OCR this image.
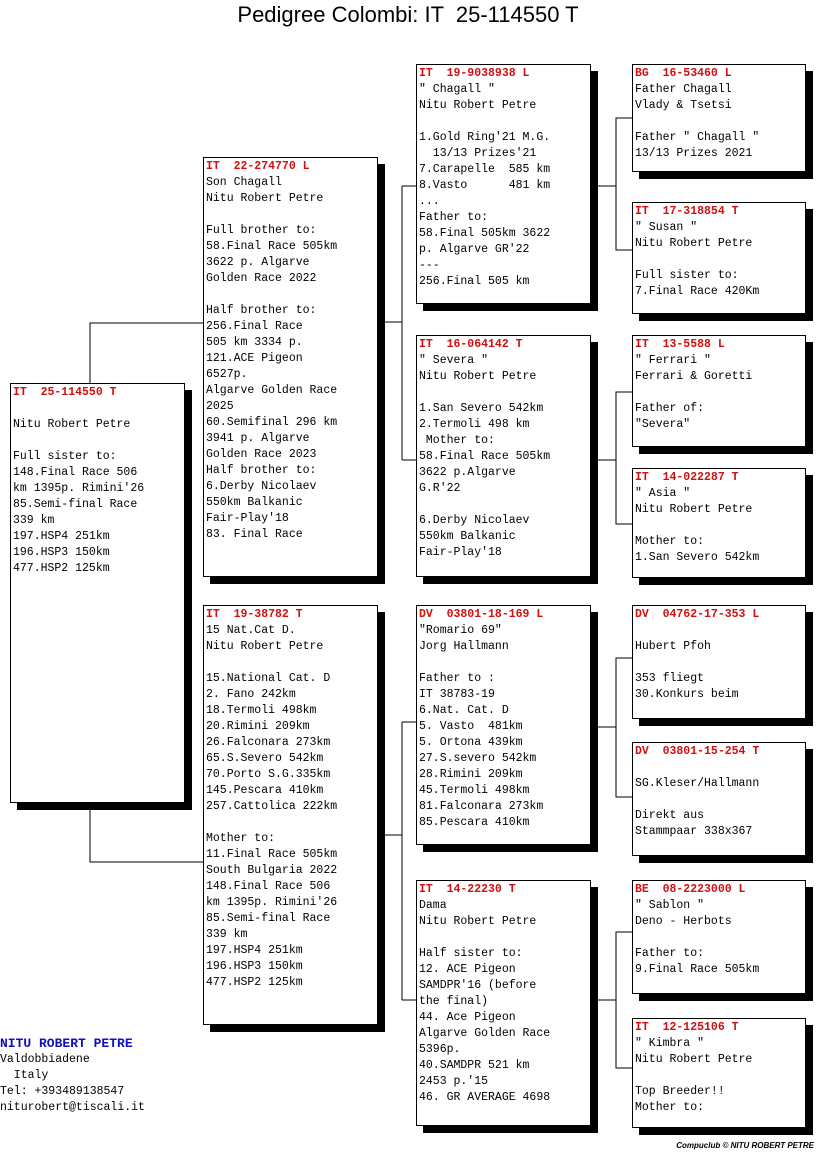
Pedigree Colombi: IT  25-114550 T
IT  25-114550 T
Nitu Robert Petre
Full sister to:
148.Final Race 506
km 1395p. Rimini'26
85.Semi-final Race
339 km
197.HSP4 251km
196.HSP3 150km
477.HSP2 125km
IT  22-274770 L
Son Chagall
Nitu Robert Petre
Full brother to:
58.Final Race 505km
3622 p. Algarve
Golden Race 2022
Half brother to:
256.Final Race
505 km 3334 p.
121.ACE Pigeon
6527p.
Algarve Golden Race
2025
60.Semifinal 296 km
3941 p. Algarve
Golden Race 2023
Half brother to:
6.Derby Nicolaev
550km Balkanic
Fair-Play'18
83. Final Race
IT  19-38782 T
15 Nat.Cat D.
Nitu Robert Petre
15.National Cat. D
2. Fano 242km
18.Termoli 498km
20.Rimini 209km
26.Falconara 273km
65.S.Severo 542km
70.Porto S.G.335km
145.Pescara 410km
257.Cattolica 222km
Mother to:
11.Final Race 505km
South Bulgaria 2022
148.Final Race 506
km 1395p. Rimini'26
85.Semi-final Race
339 km
197.HSP4 251km
196.HSP3 150km
477.HSP2 125km
IT  19-9038938 L
" Chagall "
Nitu Robert Petre
1.Gold Ring'21 M.G.
13/13 Prizes'21
7.Carapelle  585 km
8.Vasto      481 km
...
Father to:
58.Final 505km 3622
p. Algarve GR'22
---
256.Final 505 km
IT  16-064142 T
" Severa "
Nitu Robert Petre
1.San Severo 542km
2.Termoli 498 km
Mother to:
58.Final Race 505km
3622 p.Algarve
G.R'22
6.Derby Nicolaev
550km Balkanic
Fair-Play'18
DV  03801-18-169 L
"Romario 69"
Jorg Hallmann
Father to :
IT 38783-19
6.Nat. Cat. D
5. Vasto  481km
5. Ortona 439km
27.S.severo 542km
28.Rimini 209km
45.Termoli 498km
81.Falconara 273km
85.Pescara 410km
IT  14-22230 T
Dama
Nitu Robert Petre
Half sister to:
12. ACE Pigeon
SAMDPR'16 (before
the final)
44. Ace Pigeon
Algarve Golden Race
5396p.
40.SAMDPR 521 km
2453 p.'15
46. GR AVERAGE 4698
BG  16-53460 L
Father Chagall
Vlady & Tsetsi
Father " Chagall "
13/13 Prizes 2021
IT  17-318854 T
" Susan "
Nitu Robert Petre
Full sister to:
7.Final Race 420Km
IT  13-5588 L
" Ferrari "
Ferrari & Goretti
Father of:
"Severa"
IT  14-022287 T
" Asia "
Nitu Robert Petre
Mother to:
1.San Severo 542km
DV  04762-17-353 L
Hubert Pfoh
353 fliegt
30.Konkurs beim
DV  03801-15-254 T
SG.Kleser/Hallmann
Direkt aus
Stammpaar 338x367
BE  08-2223000 L
" Sablon "
Deno - Herbots
Father to:
9.Final Race 505km
IT  12-125106 T
" Kimbra "
Nitu Robert Petre
Top Breeder!!
Mother to:
NITU ROBERT PETRE
Valdobbiadene
Italy
Tel: +393489138547
niturobert@tiscali.it
Compuclub © NITU ROBERT PETRE
